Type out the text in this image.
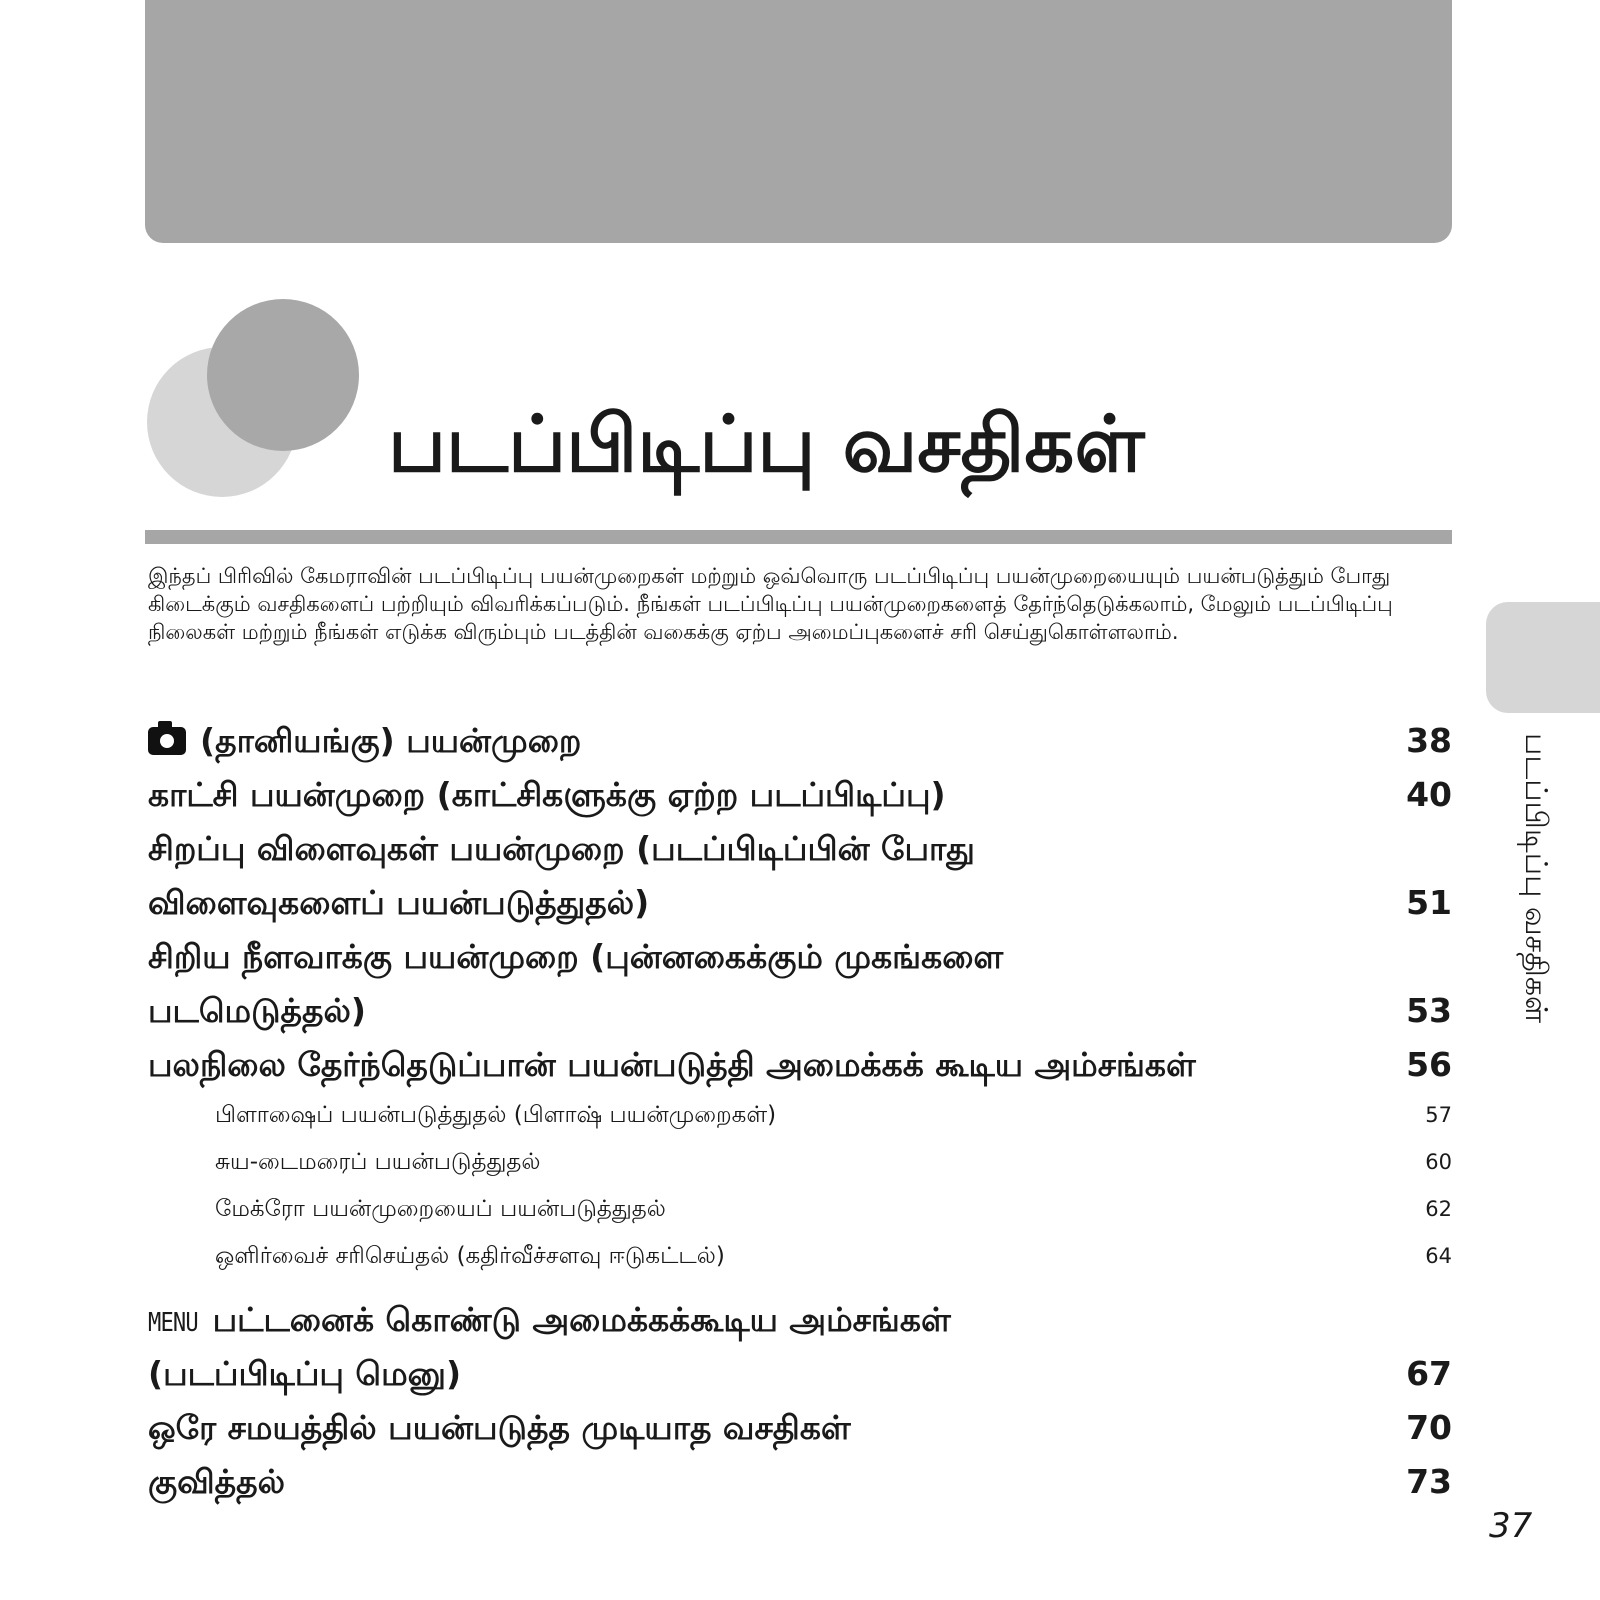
படப்பிடிப்பு வசதிகள்

இந்தப் பிரிவில் கேமராவின் படப்பிடிப்பு பயன்முறைகள் மற்றும் ஒவ்வொரு படப்பிடிப்பு பயன்முறையையும் பயன்படுத்தும் போது கிடைக்கும் வசதிகளைப் பற்றியும் விவரிக்கப்படும். நீங்கள் படப்பிடிப்பு பயன்முறைகளைத் தேர்ந்தெடுக்கலாம், மேலும் படப்பிடிப்பு நிலைகள் மற்றும் நீங்கள் எடுக்க விரும்பும் படத்தின் வகைக்கு ஏற்ப அமைப்புகளைச் சரி செய்துகொள்ளலாம்.

(தானியங்கு) பயன்முறை	38
காட்சி பயன்முறை (காட்சிகளுக்கு ஏற்ற படப்பிடிப்பு)	40
சிறப்பு விளைவுகள் பயன்முறை (படப்பிடிப்பின் போது
விளைவுகளைப் பயன்படுத்துதல்)	51
சிறிய நீளவாக்கு பயன்முறை (புன்னகைக்கும் முகங்களை
படமெடுத்தல்)	53
பலநிலை தேர்ந்தெடுப்பான் பயன்படுத்தி அமைக்கக் கூடிய அம்சங்கள்	56
பிளாஷைப் பயன்படுத்துதல் (பிளாஷ் பயன்முறைகள்)	57
சுய-டைமரைப் பயன்படுத்துதல்	60
மேக்ரோ பயன்முறையைப் பயன்படுத்துதல்	62
ஒளிர்வைச் சரிசெய்தல் (கதிர்வீச்சளவு ஈடுகட்டல்)	64
MENU பட்டனைக் கொண்டு அமைக்கக்கூடிய அம்சங்கள்
(படப்பிடிப்பு மெனு)	67
ஒரே சமயத்தில் பயன்படுத்த முடியாத வசதிகள்	70
குவித்தல்	73

படப்பிடிப்பு வசதிகள்

37
